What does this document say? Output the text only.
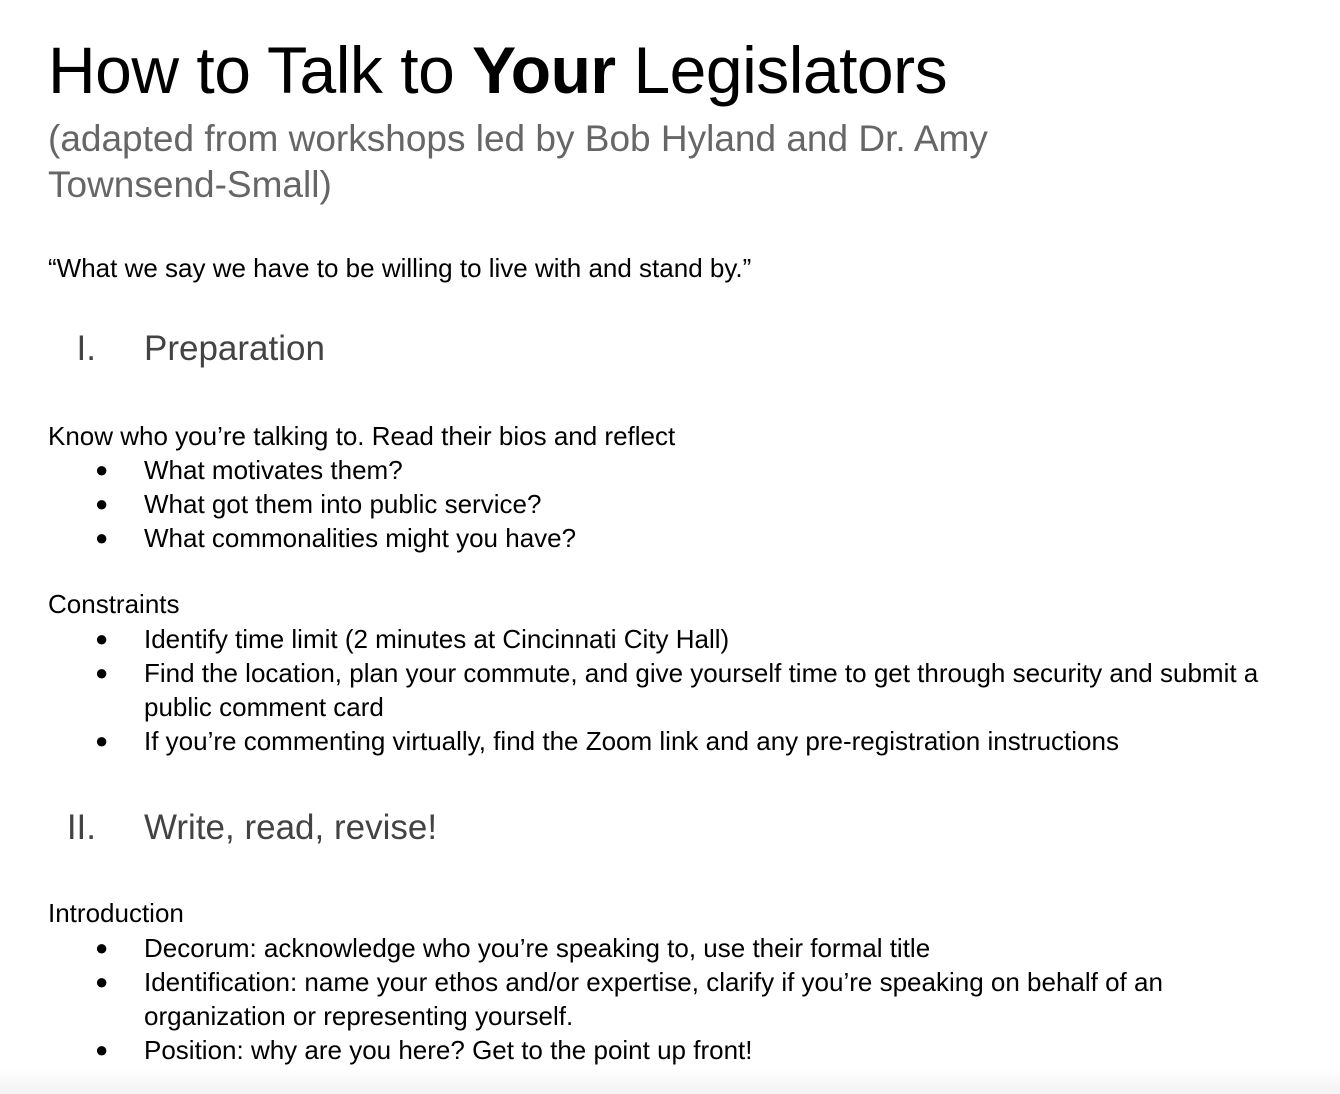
How to Talk to Your Legislators

(adapted from workshops led by Bob Hyland and Dr. Amy Townsend-Small)

“What we say we have to be willing to live with and stand by.”
I. Preparation
Know who you’re talking to. Read their bios and reflect
● What motivates them?
● What got them into public service?
● What commonalities might you have?
Constraints
● Identify time limit (2 minutes at Cincinnati City Hall)
● Find the location, plan your commute, and give yourself time to get through security and submit a public comment card
● If you’re commenting virtually, find the Zoom link and any pre-registration instructions
II. Write, read, revise!
Introduction
● Decorum: acknowledge who you’re speaking to, use their formal title
● Identification: name your ethos and/or expertise, clarify if you’re speaking on behalf of an organization or representing yourself.
● Position: why are you here? Get to the point up front!
